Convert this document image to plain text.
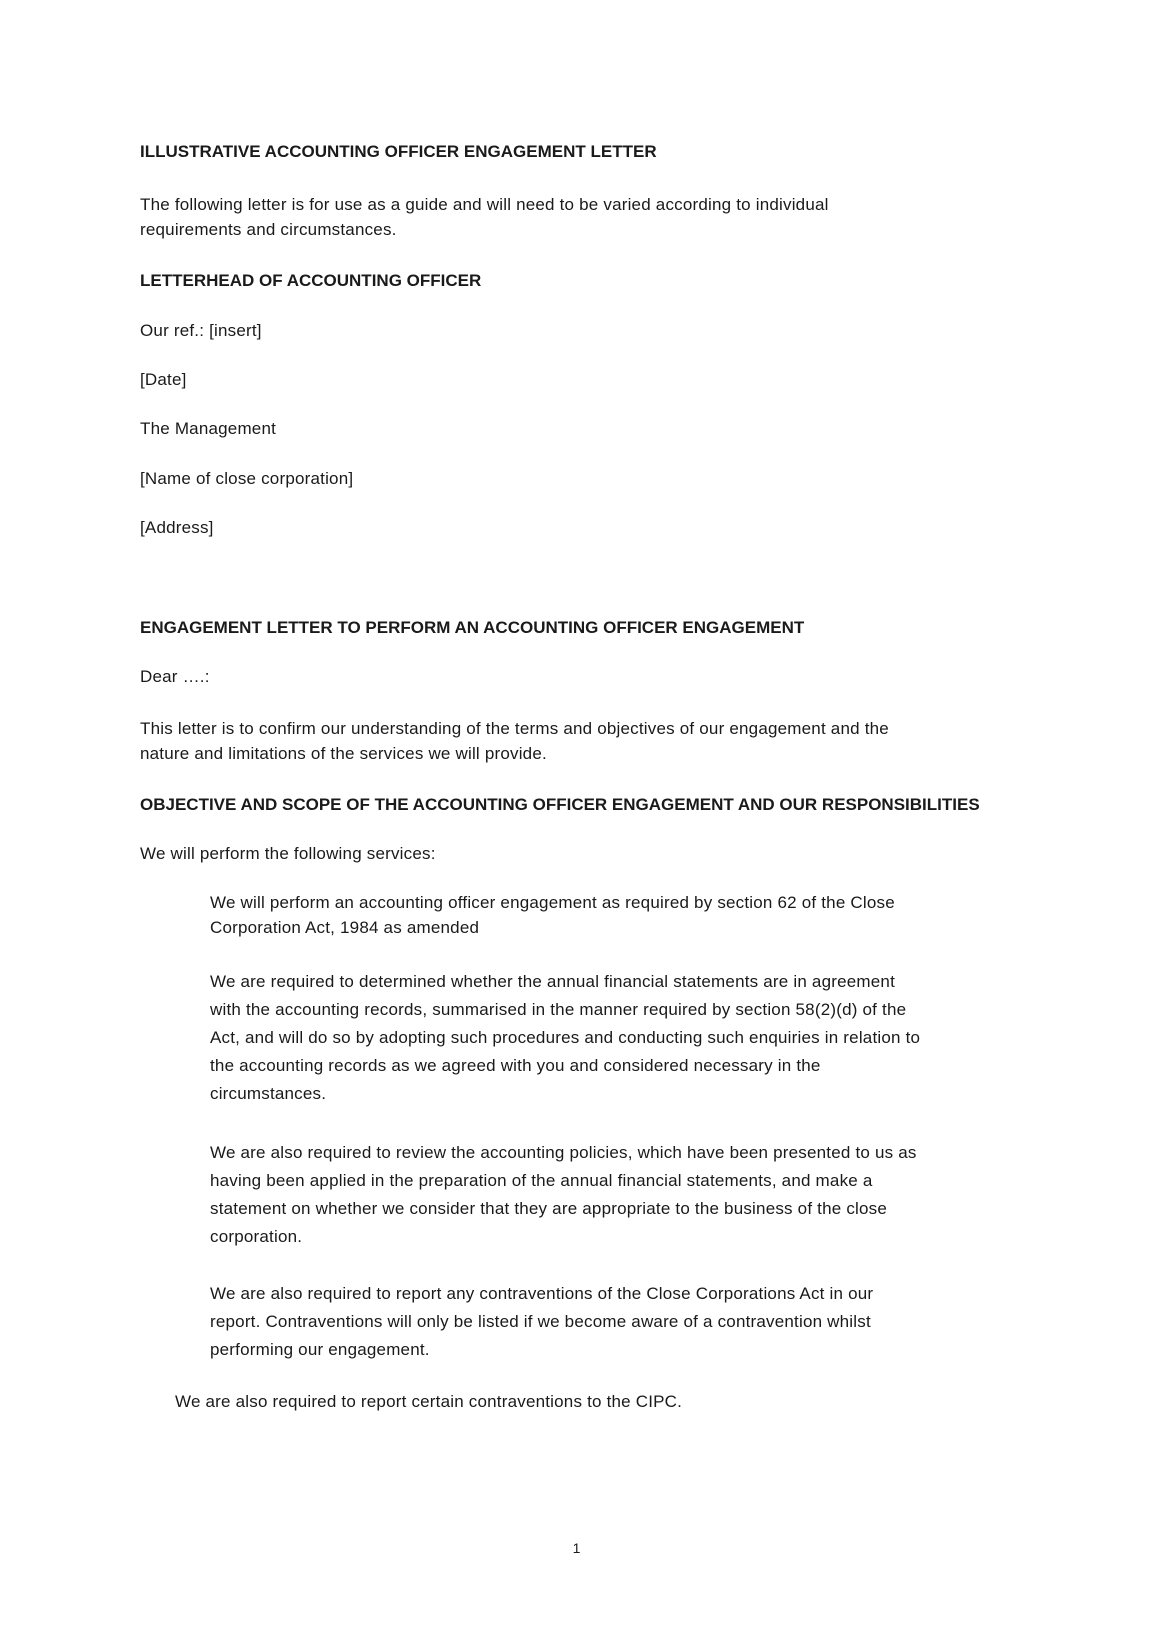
ILLUSTRATIVE ACCOUNTING OFFICER ENGAGEMENT LETTER

The following letter is for use as a guide and will need to be varied according to individual
requirements and circumstances.

LETTERHEAD OF ACCOUNTING OFFICER

Our ref.: [insert]

[Date]

The Management

[Name of close corporation]

[Address]

ENGAGEMENT LETTER TO PERFORM AN ACCOUNTING OFFICER ENGAGEMENT

Dear ….:

This letter is to confirm our understanding of the terms and objectives of our engagement and the
nature and limitations of the services we will provide.

OBJECTIVE AND SCOPE OF THE ACCOUNTING OFFICER ENGAGEMENT AND OUR RESPONSIBILITIES

We will perform the following services:

We will perform an accounting officer engagement as required by section 62 of the Close
Corporation Act, 1984 as amended

We are required to determined whether the annual financial statements are in agreement
with the accounting records, summarised in the manner required by section 58(2)(d) of the
Act, and will do so by adopting such procedures and conducting such enquiries in relation to
the accounting records as we agreed with you and considered necessary in the
circumstances.

We are also required to review the accounting policies, which have been presented to us as
having been applied in the preparation of the annual financial statements, and make a
statement on whether we consider that they are appropriate to the business of the close
corporation.

We are also required to report any contraventions of the Close Corporations Act in our
report. Contraventions will only be listed if we become aware of a contravention whilst
performing our engagement.

We are also required to report certain contraventions to the CIPC.

1
